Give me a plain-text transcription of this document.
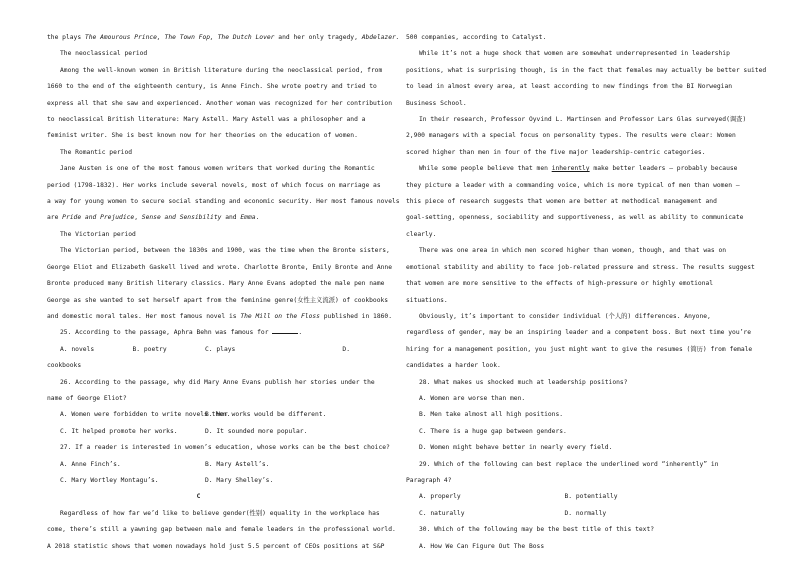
the plays The Amourous Prince, The Town Fop, The Dutch Lover and her only tragedy, Abdelazer.
The neoclassical period
Among the well-known women in British literature during the neoclassical period, from
1660 to the end of the eighteenth century, is Anne Finch. She wrote poetry and tried to
express all that she saw and experienced. Another woman was recognized for her contribution
to neoclassical British literature: Mary Astell. Mary Astell was a philosopher and a
feminist writer. She is best known now for her theories on the education of women.
The Romantic period
Jane Austen is one of the most famous women writers that worked during the Romantic
period (1798-1832). Her works include several novels, most of which focus on marriage as
a way for young women to secure social standing and economic security. Her most famous novels
are Pride and Prejudice, Sense and Sensibility and Emma.
The Victorian period
The Victorian period, between the 1830s and 1900, was the time when the Bronte sisters,
George Eliot and Elizabeth Gaskell lived and wrote. Charlotte Bronte, Emily Bronte and Anne
Bronte produced many British literary classics. Mary Anne Evans adopted the male pen name
George as she wanted to set herself apart from the feminine genre(女性主义流派) of cookbooks
and domestic moral tales. Her most famous novel is The Mill on the Floss published in 1860.
25. According to the passage, Aphra Behn was famous for	.
A. novels	B. poetry	C. plays	D.
cookbooks
26. According to the passage, why did Mary Anne Evans publish her stories under the
name of George Eliot?
A. Women were forbidden to write novels then.
B. Her works would be different.
C. It helped promote her works.	D. It sounded more popular.
27. If a reader is interested in women’s education, whose works can be the best choice?
A. Anne Finch’s.	B. Mary Astell’s.
C. Mary Wortley Montagu’s.	D. Mary Shelley’s.
C
Regardless of how far we’d like to believe gender(性别) equality in the workplace has
come, there’s still a yawning gap between male and female leaders in the professional world.
A 2018 statistic shows that women nowadays hold just 5.5 percent of CEOs positions at S&P
500 companies, according to Catalyst.
While it’s not a huge shock that women are somewhat underrepresented in leadership
positions, what is surprising though, is in the fact that females may actually be better suited
to lead in almost every area, at least according to new findings from the BI Norwegian
Business School.
In their research, Professor Oyvind L. Martinsen and Professor Lars Glas surveyed(调查)
2,900 managers with a special focus on personality types. The results were clear: Women
scored higher than men in four of the five major leadership-centric categories.
While some people believe that men inherently make better leaders — probably because
they picture a leader with a commanding voice, which is more typical of men than women —
this piece of research suggests that women are better at methodical management and
goal-setting, openness, sociability and supportiveness, as well as ability to communicate
clearly.
There was one area in which men scored higher than women, though, and that was on
emotional stability and ability to face job-related pressure and stress. The results suggest
that women are more sensitive to the effects of high-pressure or highly emotional
situations.
Obviously, it’s important to consider individual (个人的) differences. Anyone,
regardless of gender, may be an inspiring leader and a competent boss. But next time you’re
hiring for a management position, you just might want to give the resumes (简历) from female
candidates a harder look.
28. What makes us shocked much at leadership positions?
A. Women are worse than men.
B. Men take almost all high positions.
C. There is a huge gap between genders.
D. Women might behave better in nearly every field.
29. Which of the following can best replace the underlined word “inherently” in
Paragraph 4?
A. properly	B. potentially
C. naturally	D. normally
30. Which of the following may be the best title of this text?
A. How We Can Figure Out The Boss
